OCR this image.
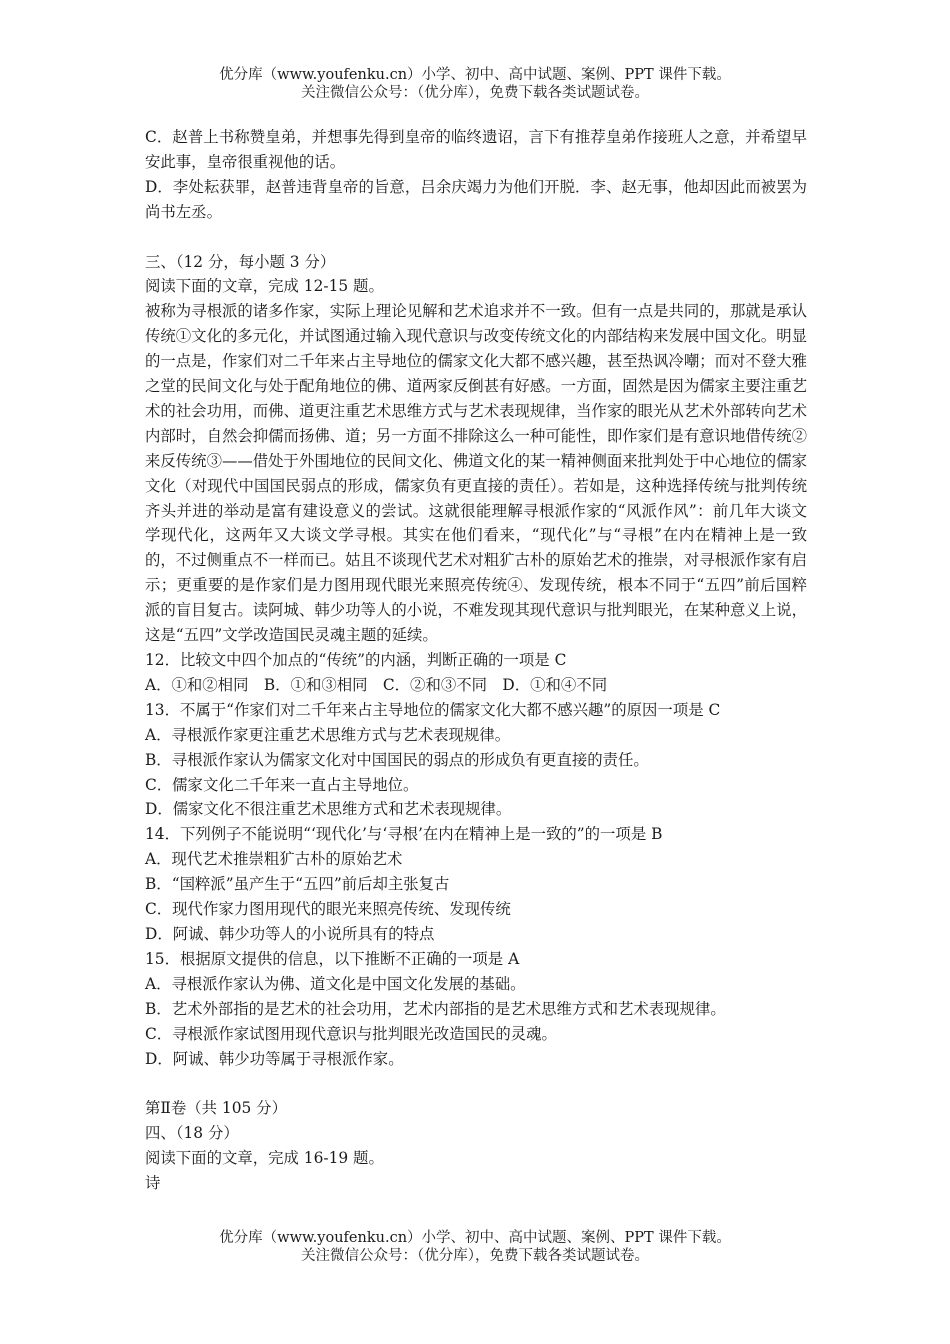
优分库（www.youfenku.cn）小学、初中、高中试题、案例、PPT 课件下载。
关注微信公众号：（优分库），免费下载各类试题试卷。

C．赵普上书称赞皇弟，并想事先得到皇帝的临终遗诏，言下有推荐皇弟作接班人之意，并希望早安此事，皇帝很重视他的话。

D．李处耘获罪，赵普违背皇帝的旨意，吕余庆竭力为他们开脱．李、赵无事，他却因此而被罢为尚书左丞。

三、（12 分，每小题 3 分）

阅读下面的文章，完成 12-15 题。

被称为寻根派的诸多作家，实际上理论见解和艺术追求并不一致。但有一点是共同的，那就是承认传统①文化的多元化，并试图通过输入现代意识与改变传统文化的内部结构来发展中国文化。明显的一点是，作家们对二千年来占主导地位的儒家文化大都不感兴趣，甚至热讽冷嘲；而对不登大雅之堂的民间文化与处于配角地位的佛、道两家反倒甚有好感。一方面，固然是因为儒家主要注重艺术的社会功用，而佛、道更注重艺术思维方式与艺术表现规律，当作家的眼光从艺术外部转向艺术内部时，自然会抑儒而扬佛、道；另一方面不排除这么一种可能性，即作家们是有意识地借传统②来反传统③——借处于外围地位的民间文化、佛道文化的某一精神侧面来批判处于中心地位的儒家文化（对现代中国国民弱点的形成，儒家负有更直接的责任）。若如是，这种选择传统与批判传统齐头并进的举动是富有建设意义的尝试。这就很能理解寻根派作家的“风派作风”：前几年大谈文学现代化，这两年又大谈文学寻根。其实在他们看来，“现代化”与“寻根”在内在精神上是一致的，不过侧重点不一样而已。姑且不谈现代艺术对粗犷古朴的原始艺术的推崇，对寻根派作家有启示；更重要的是作家们是力图用现代眼光来照亮传统④、发现传统，根本不同于“五四”前后国粹派的盲目复古。读阿城、韩少功等人的小说，不难发现其现代意识与批判眼光，在某种意义上说，这是“五四”文学改造国民灵魂主题的延续。

12．比较文中四个加点的“传统”的内涵，判断正确的一项是 C

A．①和②相同　B．①和③相同　C．②和③不同　D．①和④不同

13．不属于“作家们对二千年来占主导地位的儒家文化大都不感兴趣”的原因一项是 C

A．寻根派作家更注重艺术思维方式与艺术表现规律。

B．寻根派作家认为儒家文化对中国国民的弱点的形成负有更直接的责任。

C．儒家文化二千年来一直占主导地位。

D．儒家文化不很注重艺术思维方式和艺术表现规律。

14．下列例子不能说明“‘现代化’与‘寻根’在内在精神上是一致的”的一项是 B

A．现代艺术推崇粗犷古朴的原始艺术

B．“国粹派”虽产生于“五四”前后却主张复古

C．现代作家力图用现代的眼光来照亮传统、发现传统

D．阿诚、韩少功等人的小说所具有的特点

15．根据原文提供的信息，以下推断不正确的一项是 A

A．寻根派作家认为佛、道文化是中国文化发展的基础。

B．艺术外部指的是艺术的社会功用，艺术内部指的是艺术思维方式和艺术表现规律。

C．寻根派作家试图用现代意识与批判眼光改造国民的灵魂。

D．阿诚、韩少功等属于寻根派作家。

第Ⅱ卷（共 105 分）

四、（18 分）

阅读下面的文章，完成 16-19 题。

诗

优分库（www.youfenku.cn）小学、初中、高中试题、案例、PPT 课件下载。
关注微信公众号：（优分库），免费下载各类试题试卷。
